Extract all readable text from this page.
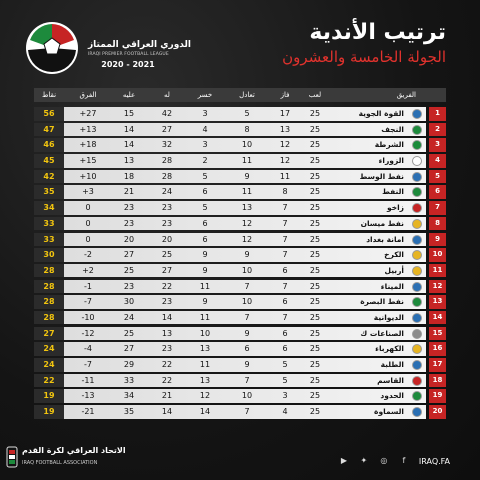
الدوري العراقي الممتاز
IRAQI PREMIER FOOTBALL LEAGUE
2020 - 2021
ترتيب الأندية
الجولة الخامسة والعشرون
نقاط	الفرق	عليه	له	خسر	تعادل	فاز	لعب	الفريق
56	+27	15	42	3	5	17	25	القوة الجوية	1
47	+13	14	27	4	8	13	25	النجف	2
46	+18	14	32	3	10	12	25	الشرطة	3
45	+15	13	28	2	11	12	25	الزوراء	4
42	+10	18	28	5	9	11	25	نفط الوسط	5
35	+3	21	24	6	11	8	25	النفط	6
34	0	23	23	5	13	7	25	زاخو	7
33	0	23	23	6	12	7	25	نفط ميسان	8
33	0	20	20	6	12	7	25	امانة بغداد	9
30	-2	27	25	9	9	7	25	الكرخ	10
28	+2	25	27	9	10	6	25	أربيل	11
28	-1	23	22	11	7	7	25	الميناء	12
28	-7	30	23	9	10	6	25	نفط البصرة	13
28	-10	24	14	11	7	7	25	الديوانية	14
27	-12	25	13	10	9	6	25	الصناعات ك	15
24	-4	27	23	13	6	6	25	الكهرباء	16
24	-7	29	22	11	9	5	25	الطلبة	17
22	-11	33	22	13	7	5	25	القاسم	18
19	-13	34	21	12	10	3	25	الحدود	19
19	-21	35	14	14	7	4	25	السماوة	20
الاتحاد العراقي لكرة القدم
IRAQ FOOTBALL ASSOCIATION	▶ ✦ ◎	f	IRAQ.FA
